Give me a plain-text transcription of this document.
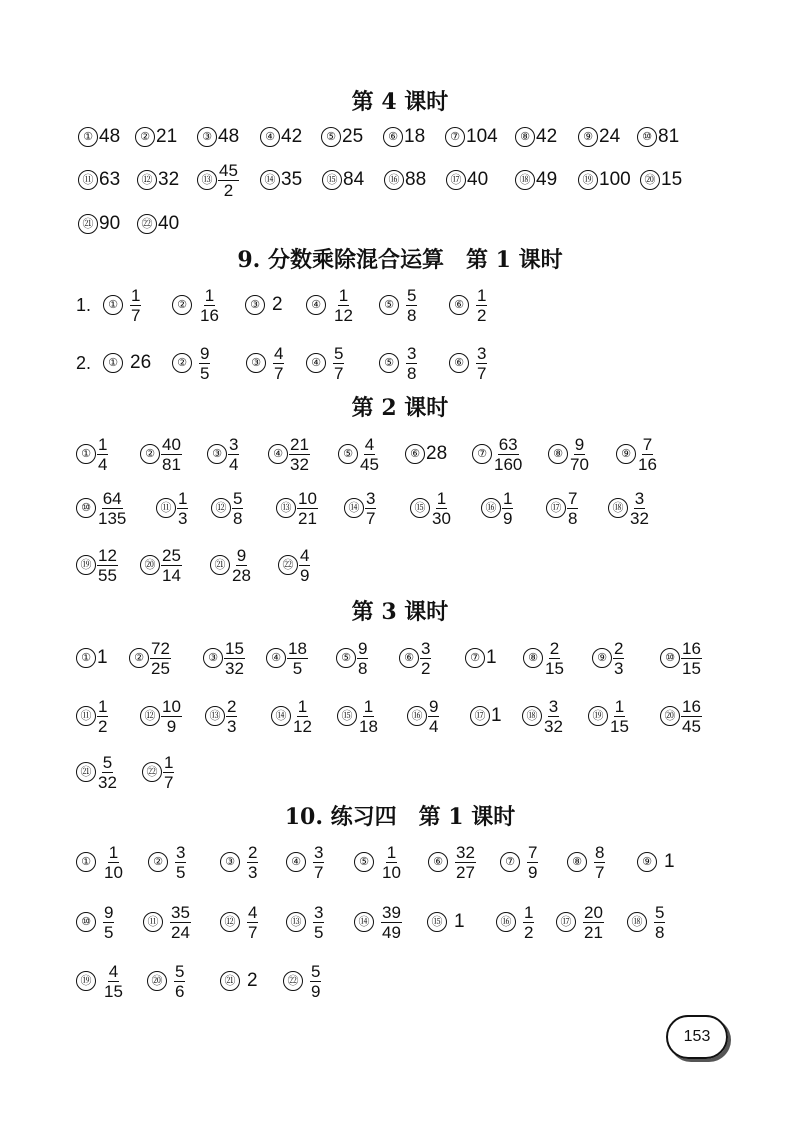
第 4 课时
① 48	② 21	③ 48	④ 42	⑤ 25	⑥ 18	⑦ 104	⑧ 42	⑨ 24	⑩ 81
⑪ 63	⑫ 32	⑬ $\frac{45}{2}$	⑭ 35	⑮ 84	⑯ 88	⑰ 40	⑱ 49	⑲ 100	⑳ 15
㉑ 90	㉒ 40
9. 分数乘除混合运算　第 1 课时
1.	① $\frac{1}{7}$	② $\frac{1}{16}$	③ 2	④ $\frac{1}{12}$	⑤ $\frac{5}{8}$	⑥ $\frac{1}{2}$
2.	① 26	② $\frac{9}{5}$	③ $\frac{4}{7}$	④ $\frac{5}{7}$	⑤ $\frac{3}{8}$	⑥ $\frac{3}{7}$
第 2 课时
① $\frac{1}{4}$	② $\frac{40}{81}$	③ $\frac{3}{4}$	④ $\frac{21}{32}$	⑤ $\frac{4}{45}$	⑥ 28	⑦ $\frac{63}{160}$	⑧ $\frac{9}{70}$	⑨ $\frac{7}{16}$
⑩ $\frac{64}{135}$	⑪ $\frac{1}{3}$	⑫ $\frac{5}{8}$	⑬ $\frac{10}{21}$	⑭ $\frac{3}{7}$	⑮ $\frac{1}{30}$	⑯ $\frac{1}{9}$	⑰ $\frac{7}{8}$	⑱ $\frac{3}{32}$
⑲ $\frac{12}{55}$	⑳ $\frac{25}{14}$	㉑ $\frac{9}{28}$	㉒ $\frac{4}{9}$
第 3 课时
① 1	② $\frac{72}{25}$	③ $\frac{15}{32}$	④ $\frac{18}{5}$	⑤ $\frac{9}{8}$	⑥ $\frac{3}{2}$	⑦ 1	⑧ $\frac{2}{15}$	⑨ $\frac{2}{3}$	⑩ $\frac{16}{15}$
⑪ $\frac{1}{2}$	⑫ $\frac{10}{9}$	⑬ $\frac{2}{3}$	⑭ $\frac{1}{12}$	⑮ $\frac{1}{18}$	⑯ $\frac{9}{4}$	⑰ 1	⑱ $\frac{3}{32}$	⑲ $\frac{1}{15}$	⑳ $\frac{16}{45}$
㉑ $\frac{5}{32}$	㉒ $\frac{1}{7}$
10. 练习四　第 1 课时
① $\frac{1}{10}$	② $\frac{3}{5}$	③ $\frac{2}{3}$	④ $\frac{3}{7}$	⑤ $\frac{1}{10}$	⑥ $\frac{32}{27}$	⑦ $\frac{7}{9}$	⑧ $\frac{8}{7}$	⑨ 1
⑩ $\frac{9}{5}$	⑪ $\frac{35}{24}$	⑫ $\frac{4}{7}$	⑬ $\frac{3}{5}$	⑭ $\frac{39}{49}$	⑮ 1	⑯ $\frac{1}{2}$	⑰ $\frac{20}{21}$	⑱ $\frac{5}{8}$
⑲ $\frac{4}{15}$	⑳ $\frac{5}{6}$	㉑ 2	㉒ $\frac{5}{9}$
153
